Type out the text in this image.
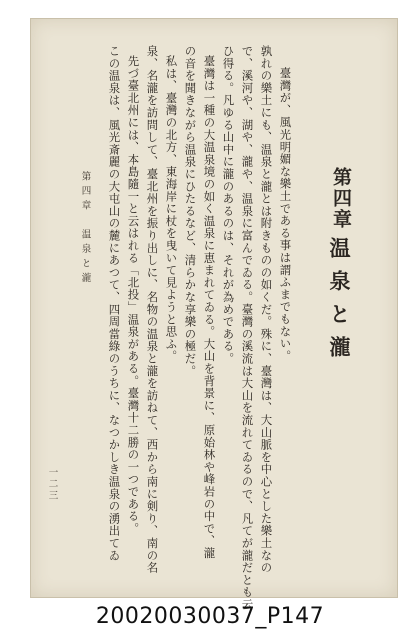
第四章
温泉と瀧
臺灣が、風光明媚な樂土である事は謂ふまでもない。
孰れの樂土にも、温泉と瀧とは附きものの如くだ。殊に、臺灣は、大山脈を中心とした樂土なの
で、溪河や、湖や、瀧や、温泉に富んでゐる。臺灣の溪流は大山を流れてゐるので、凡てが瀧だとも云
ひ得る。凡ゆる山中に瀧のあるのは、それが為めである。
臺灣は一種の大温泉境の如く温泉に恵まれてゐる。大山を背景に、原始林や峰岩の中で、瀧
の音を聞きながら温泉にひたるなど、清らかな享樂の極だ。
私は、臺灣の北方、東海岸に杖を曳いて見ようと思ふ。
泉、名瀧を訪問して、臺北州を振り出しに、名物の温泉と瀧を訪ねて、西から南に剣り、南の名
先づ臺北州には、本島隨一と云はれる「北投」温泉がある。臺灣十二勝の一つである。
この温泉は、風光斎麗の大屯山の麓にあつて、四周當綠のうちに、なつかしき温泉の湧出てゐ
第四章　温泉と瀧
一二三
20020030037_P147
